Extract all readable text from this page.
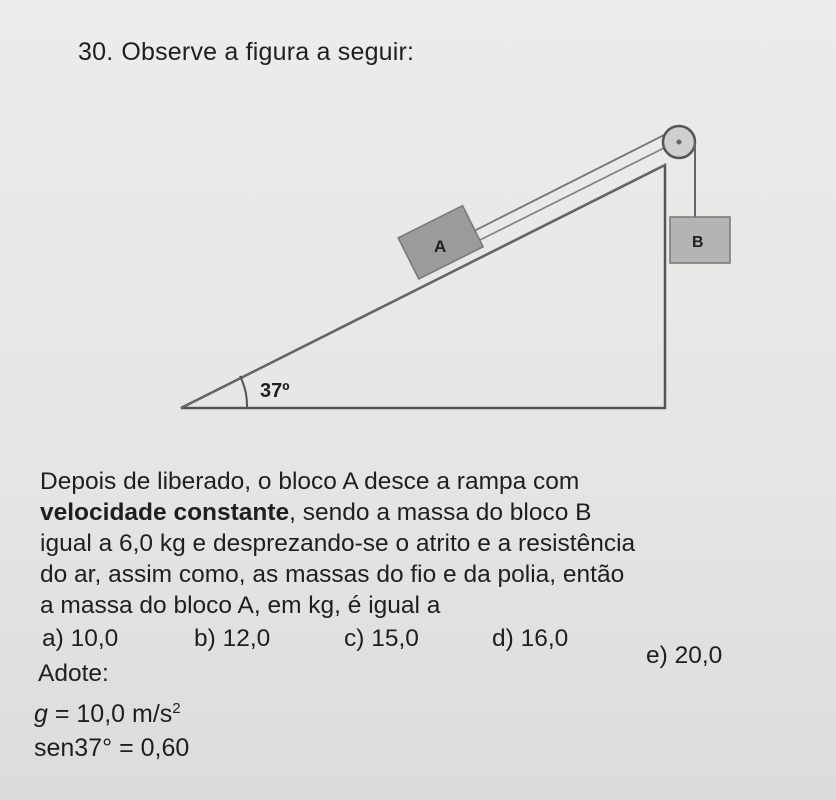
30. Observe a figura a seguir:
A	B
37º
Depois de liberado, o bloco A desce a rampa com
velocidade constante, sendo a massa do bloco B
igual a 6,0 kg e desprezando-se o atrito e a resistência
do ar, assim como, as massas do fio e da polia, então
a massa do bloco A, em kg, é igual a
a) 10,0	b) 12,0	c) 15,0	d) 16,0
e) 20,0
Adote:
g = 10,0 $m/s^2$
sen37° = 0,60
